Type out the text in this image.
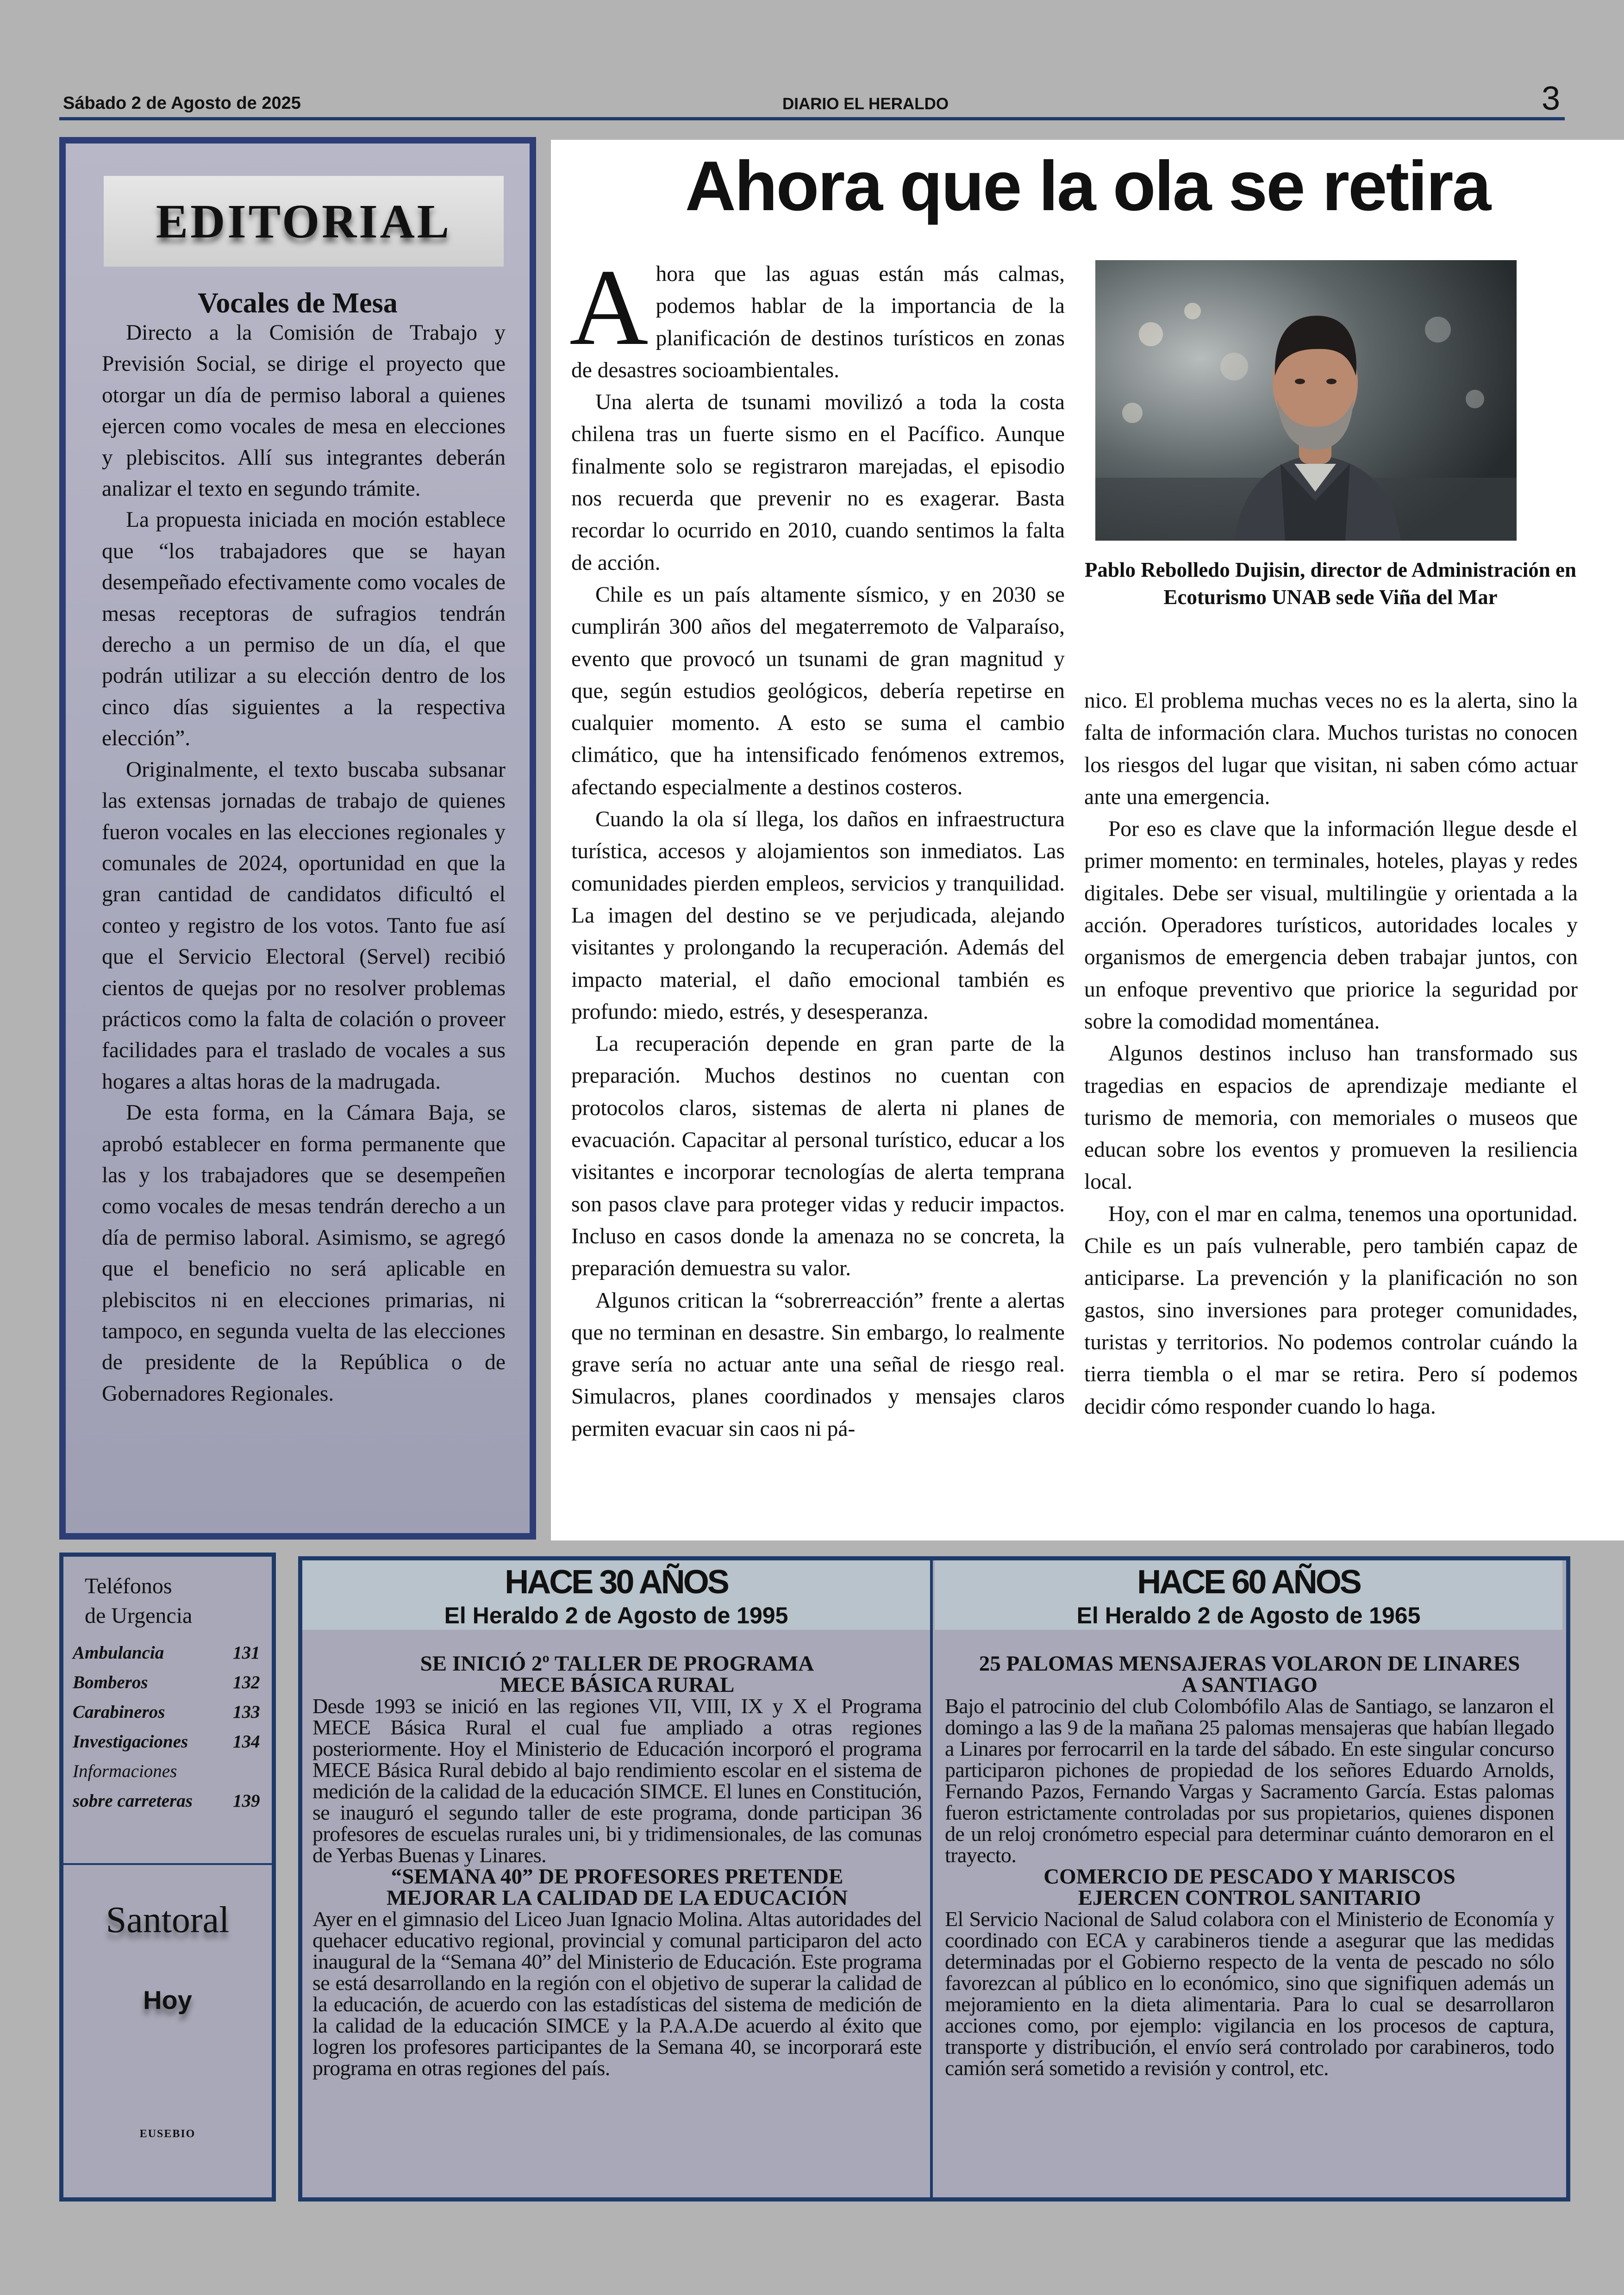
Sábado 2 de Agosto de 2025	DIARIO EL HERALDO	3
EDITORIAL
Vocales de Mesa

Directo a la Comisión de Trabajo y Previsión Social, se dirige el proyecto que otorgar un día de permiso laboral a quienes ejercen como vocales de mesa en elecciones y plebiscitos. Allí sus integrantes deberán analizar el texto en segundo trámite.

La propuesta iniciada en moción establece que “los trabajadores que se hayan desempeñado efectivamente como vocales de mesas receptoras de sufragios tendrán derecho a un permiso de un día, el que podrán utilizar a su elección dentro de los cinco días siguientes a la respectiva elección”.

Originalmente, el texto buscaba subsanar las extensas jornadas de trabajo de quienes fueron vocales en las elecciones regionales y comunales de 2024, oportunidad en que la gran cantidad de candidatos dificultó el conteo y registro de los votos. Tanto fue así que el Servicio Electoral (Servel) recibió cientos de quejas por no resolver problemas prácticos como la falta de colación o proveer facilidades para el traslado de vocales a sus hogares a altas horas de la madrugada.

De esta forma, en la Cámara Baja, se aprobó establecer en forma permanente que las y los trabajadores que se desempeñen como vocales de mesas tendrán derecho a un día de permiso laboral. Asimismo, se agregó que el beneficio no será aplicable en plebiscitos ni en elecciones primarias, ni tampoco, en segunda vuelta de las elecciones de presidente de la República o de Gobernadores Regionales.

Ahora que la ola se retira

Ahora que las aguas están más calmas, podemos hablar de la importancia de la planificación de destinos turísticos en zonas de desastres socioambientales.

Una alerta de tsunami movilizó a toda la costa chilena tras un fuerte sismo en el Pacífico. Aunque finalmente solo se registraron marejadas, el episodio nos recuerda que prevenir no es exagerar. Basta recordar lo ocurrido en 2010, cuando sentimos la falta de acción.

Chile es un país altamente sísmico, y en 2030 se cumplirán 300 años del megaterremoto de Valparaíso, evento que provocó un tsunami de gran magnitud y que, según estudios geológicos, debería repetirse en cualquier momento. A esto se suma el cambio climático, que ha intensificado fenómenos extremos, afectando especialmente a destinos costeros.

Cuando la ola sí llega, los daños en infraestructura turística, accesos y alojamientos son inmediatos. Las comunidades pierden empleos, servicios y tranquilidad. La imagen del destino se ve perjudicada, alejando visitantes y prolongando la recuperación. Además del impacto material, el daño emocional también es profundo: miedo, estrés, y desesperanza.

La recuperación depende en gran parte de la preparación. Muchos destinos no cuentan con protocolos claros, sistemas de alerta ni planes de evacuación. Capacitar al personal turístico, educar a los visitantes e incorporar tecnologías de alerta temprana son pasos clave para proteger vidas y reducir impactos. Incluso en casos donde la amenaza no se concreta, la preparación demuestra su valor.

Algunos critican la “sobrerreacción” frente a alertas que no terminan en desastre. Sin embargo, lo realmente grave sería no actuar ante una señal de riesgo real. Simulacros, planes coordinados y mensajes claros permiten evacuar sin caos ni pá-

Pablo Rebolledo Dujisin, director de Administración en Ecoturismo UNAB sede Viña del Mar

nico. El problema muchas veces no es la alerta, sino la falta de información clara. Muchos turistas no conocen los riesgos del lugar que visitan, ni saben cómo actuar ante una emergencia.

Por eso es clave que la información llegue desde el primer momento: en terminales, hoteles, playas y redes digitales. Debe ser visual, multilingüe y orientada a la acción. Operadores turísticos, autoridades locales y organismos de emergencia deben trabajar juntos, con un enfoque preventivo que priorice la seguridad por sobre la comodidad momentánea.

Algunos destinos incluso han transformado sus tragedias en espacios de aprendizaje mediante el turismo de memoria, con memoriales o museos que educan sobre los eventos y promueven la resiliencia local.

Hoy, con el mar en calma, tenemos una oportunidad. Chile es un país vulnerable, pero también capaz de anticiparse. La prevención y la planificación no son gastos, sino inversiones para proteger comunidades, turistas y territorios. No podemos controlar cuándo la tierra tiembla o el mar se retira. Pero sí podemos decidir cómo responder cuando lo haga.

Teléfonos
de Urgencia
Ambulancia	131
Bomberos	132
Carabineros	133
Investigaciones 134
Informaciones
sobre carreteras 139
Santoral
Hoy
EUSEBIO
HACE 30 AÑOS
El Heraldo 2 de Agosto de 1995
SE INICIÓ 2º TALLER DE PROGRAMA
MECE BÁSICA RURAL

Desde 1993 se inició en las regiones VII, VIII, IX y X el Programa MECE Básica Rural el cual fue ampliado a otras regiones posteriormente. Hoy el Ministerio de Educación incorporó el programa MECE Básica Rural debido al bajo rendimiento escolar en el sistema de medición de la calidad de la educación SIMCE. El lunes en Constitución, se inauguró el segundo taller de este programa, donde participan 36 profesores de escuelas rurales uni, bi y tridimensionales, de las comunas de Yerbas Buenas y Linares.

“SEMANA 40” DE PROFESORES PRETENDE
MEJORAR LA CALIDAD DE LA EDUCACIÓN

Ayer en el gimnasio del Liceo Juan Ignacio Molina. Altas autoridades del quehacer educativo regional, provincial y comunal participaron del acto inaugural de la “Semana 40” del Ministerio de Educación. Este programa se está desarrollando en la región con el objetivo de superar la calidad de la educación, de acuerdo con las estadísticas del sistema de medición de la calidad de la educación SIMCE y la P.A.A.De acuerdo al éxito que logren los profesores participantes de la Semana 40, se incorporará este programa en otras regiones del país.

HACE 60 AÑOS
El Heraldo 2 de Agosto de 1965
25 PALOMAS MENSAJERAS VOLARON DE LINARES
A SANTIAGO

Bajo el patrocinio del club Colombófilo Alas de Santiago, se lanzaron el domingo a las 9 de la mañana 25 palomas mensajeras que habían llegado a Linares por ferrocarril en la tarde del sábado. En este singular concurso participaron pichones de propiedad de los señores Eduardo Arnolds, Fernando Pazos, Fernando Vargas y Sacramento García. Estas palomas fueron estrictamente controladas por sus propietarios, quienes disponen de un reloj cronómetro especial para determinar cuánto demoraron en el trayecto.

COMERCIO DE PESCADO Y MARISCOS
EJERCEN CONTROL SANITARIO

El Servicio Nacional de Salud colabora con el Ministerio de Economía y coordinado con ECA y carabineros tiende a asegurar que las medidas determinadas por el Gobierno respecto de la venta de pescado no sólo favorezcan al público en lo económico, sino que signifiquen además un mejoramiento en la dieta alimentaria. Para lo cual se desarrollaron acciones como, por ejemplo: vigilancia en los procesos de captura, transporte y distribución, el envío será controlado por carabineros, todo camión será sometido a revisión y control, etc.
